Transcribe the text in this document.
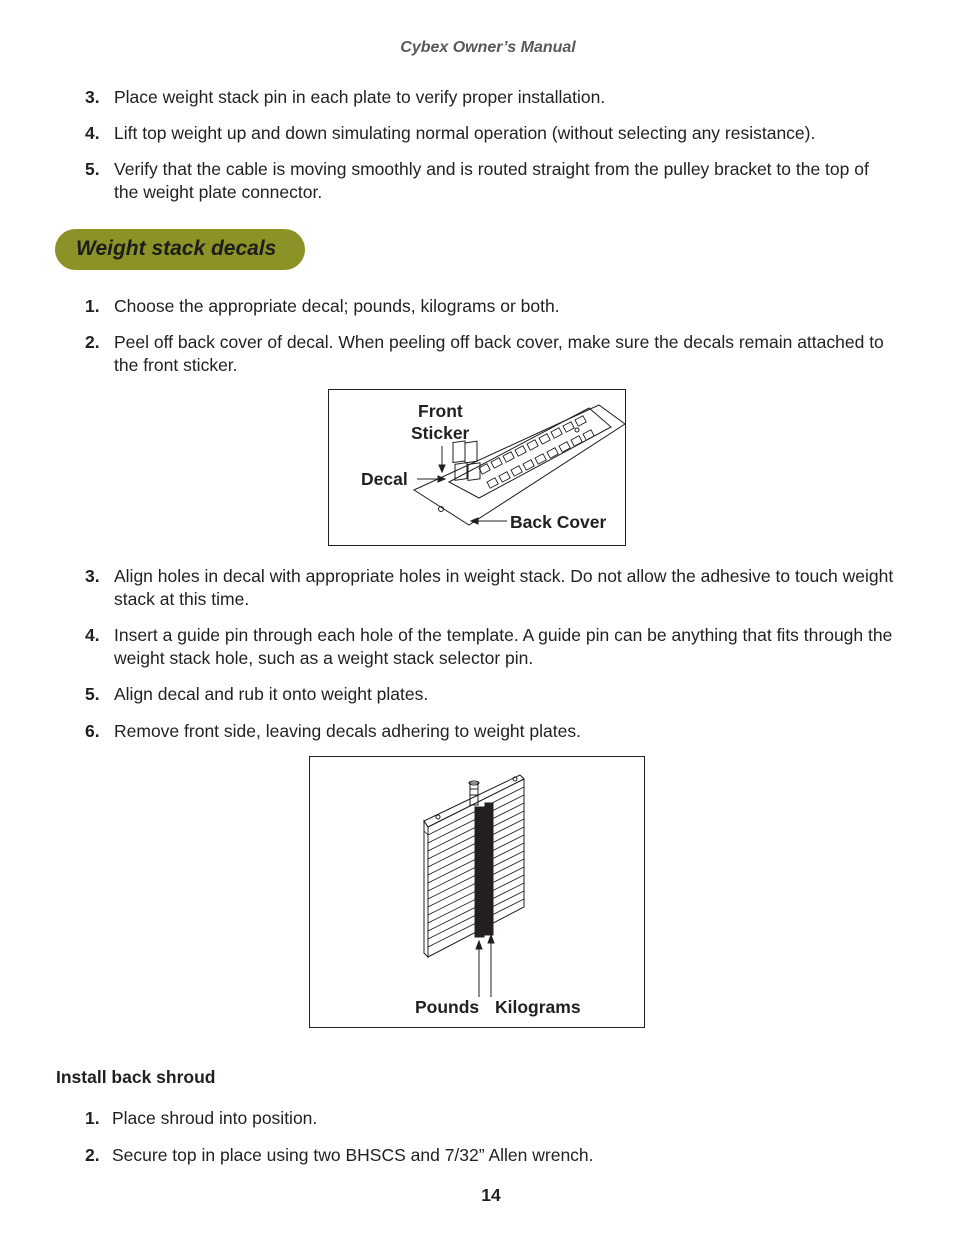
Cybex Owner’s Manual
3. Place weight stack pin in each plate to verify proper installation.
4. Lift top weight up and down simulating normal operation (without selecting any resistance).
5. Verify that the cable is moving smoothly and is routed straight from the pulley bracket to the top of the weight plate connector.
Weight stack decals
1. Choose the appropriate decal; pounds, kilograms or both.
2. Peel off back cover of decal. When peeling off back cover, make sure the decals remain attached to the front sticker.
Front
Sticker
Decal
Back Cover
3. Align holes in decal with appropriate holes in weight stack. Do not allow the adhesive to touch weight stack at this time.
4. Insert a guide pin through each hole of the template. A guide pin can be anything that fits through the weight stack hole, such as a weight stack selector pin.
5. Align decal and rub it onto weight plates.
6. Remove front side, leaving decals adhering to weight plates.
Pounds Kilograms
Install back shroud
1. Place shroud into position.
2. Secure top in place using two BHSCS and 7/32” Allen wrench.
14
